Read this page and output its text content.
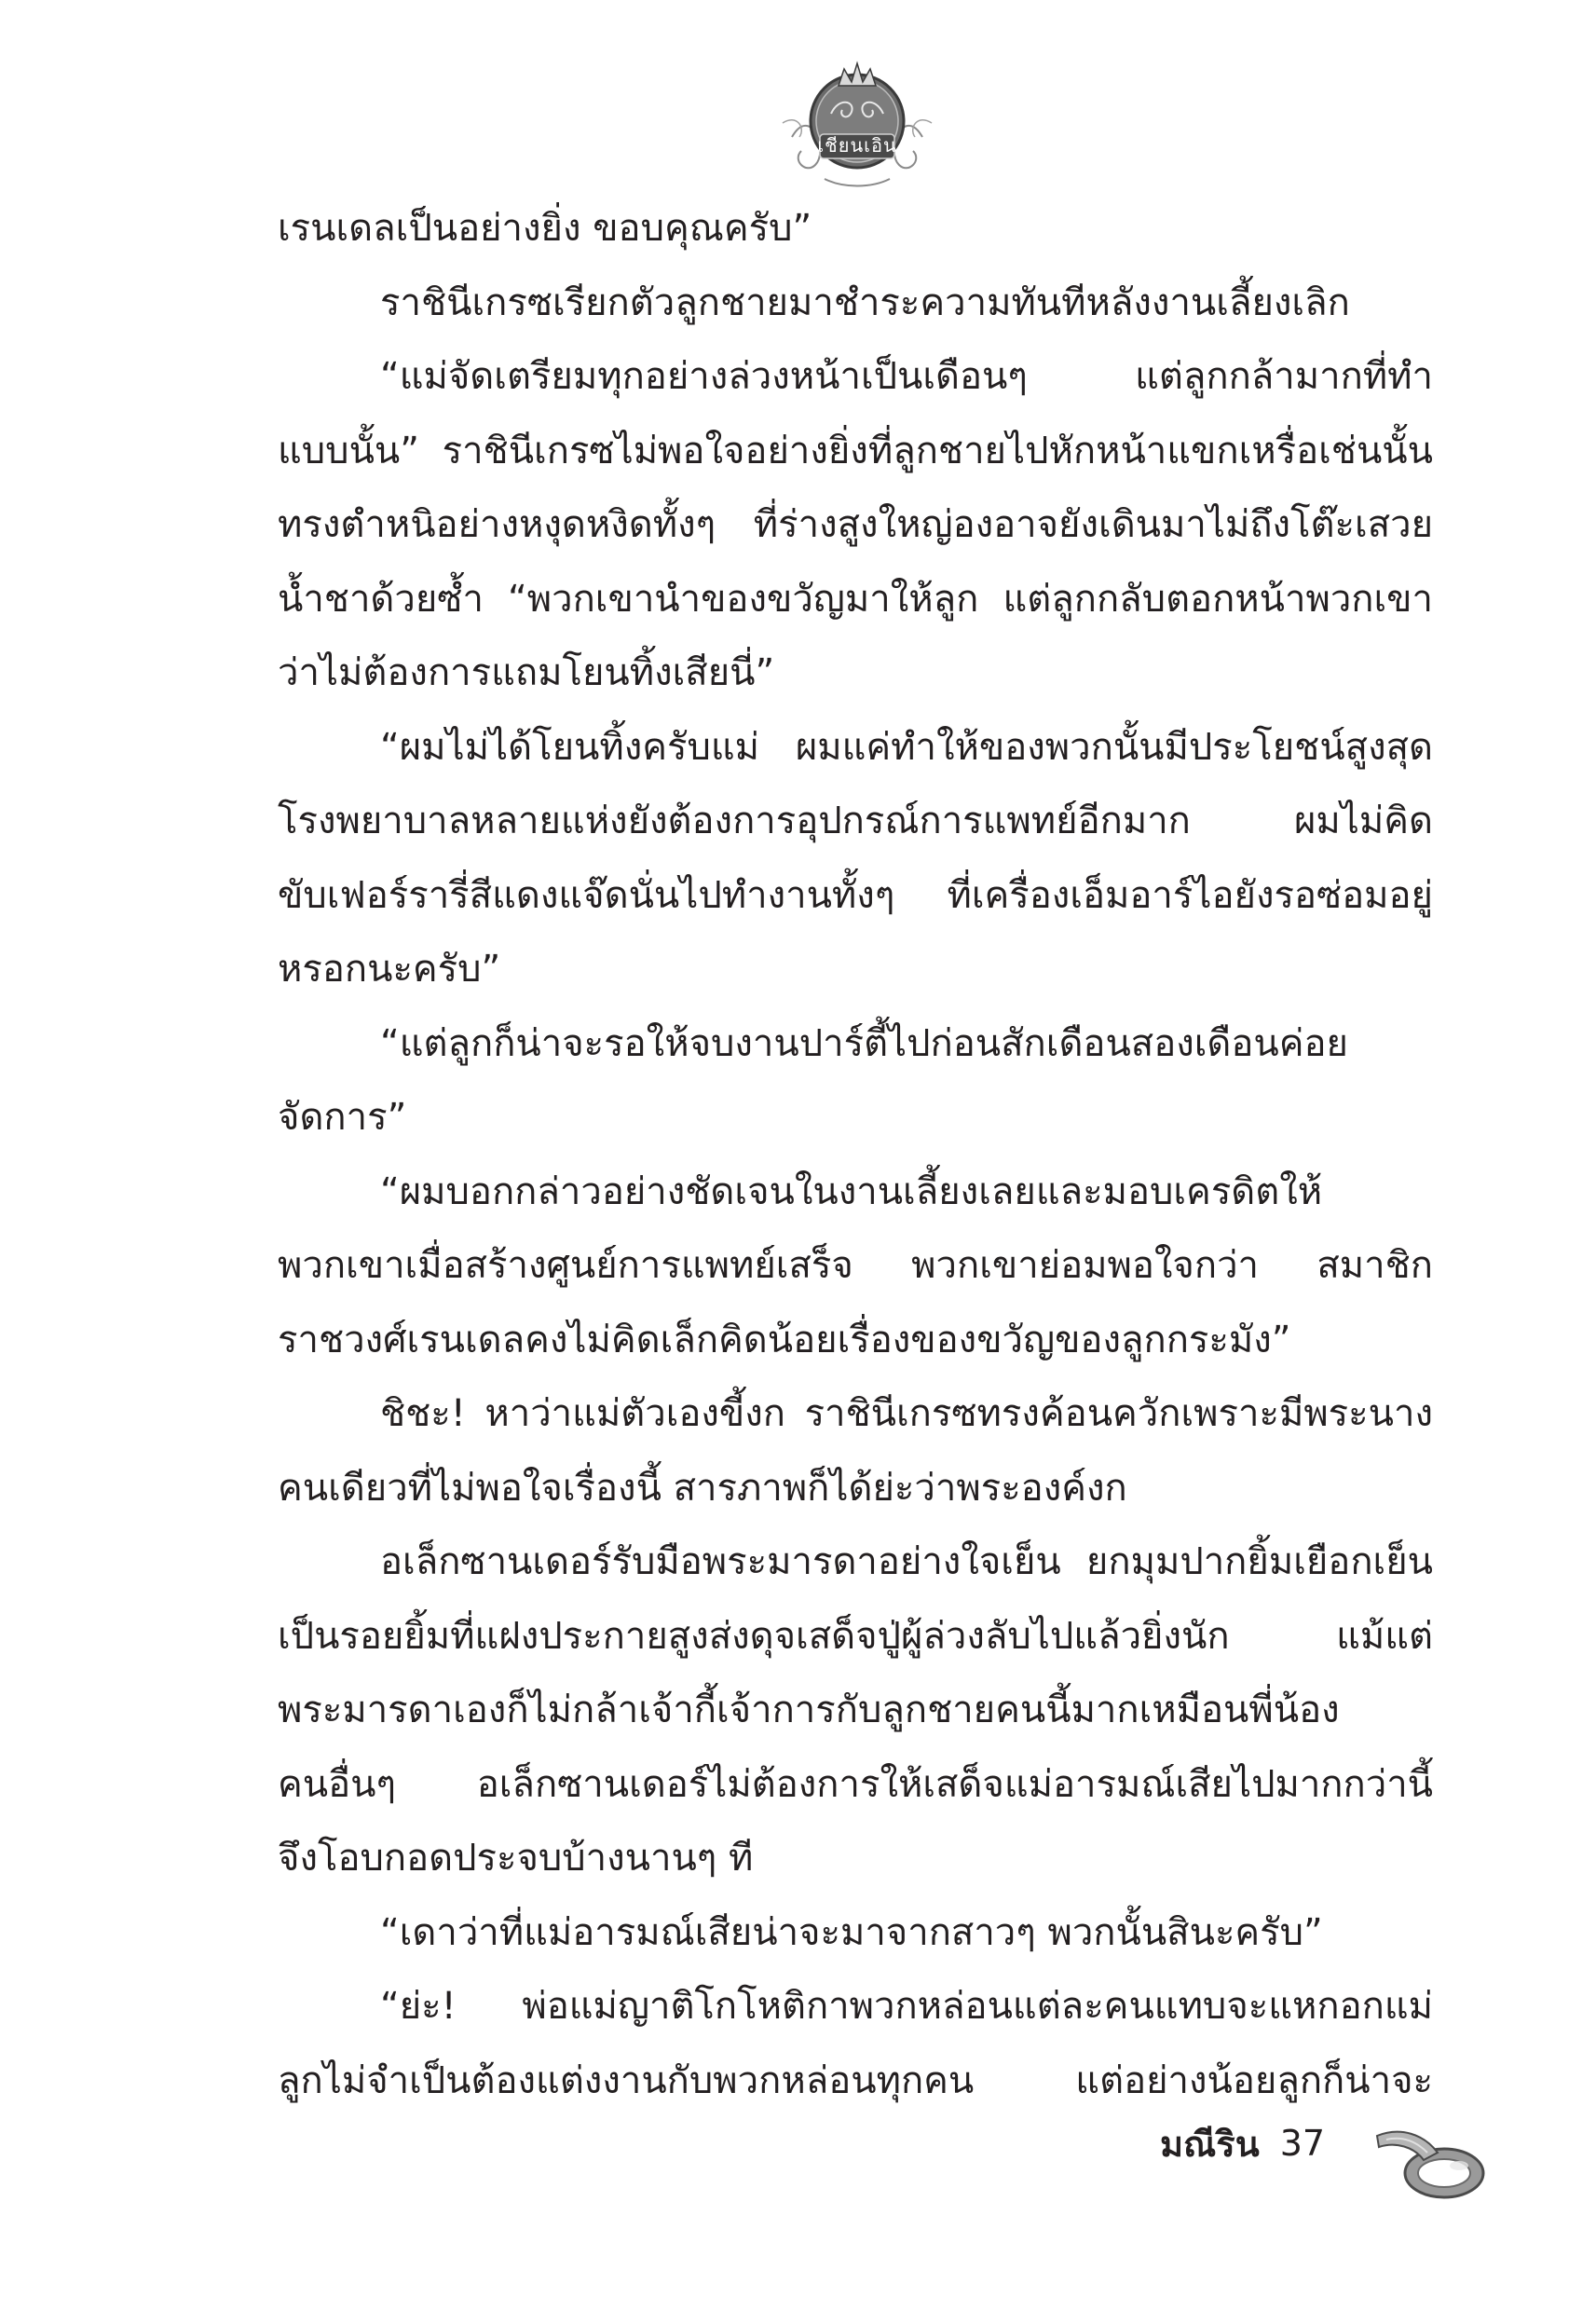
เชียนเอิน
เรนเดลเป็นอย่างยิ่ง ขอบคุณครับ”
ราชินีเกรซเรียกตัวลูกชายมาชำระความทันทีหลังงานเลี้ยงเลิก
“แม่จัดเตรียมทุกอย่างล่วงหน้าเป็นเดือนๆ แต่ลูกกล้ามากที่ทำ
แบบนั้น” ราชินีเกรซไม่พอใจอย่างยิ่งที่ลูกชายไปหักหน้าแขกเหรื่อเช่นนั้น
ทรงตำหนิอย่างหงุดหงิดทั้งๆ ที่ร่างสูงใหญ่องอาจยังเดินมาไม่ถึงโต๊ะเสวย
น้ำชาด้วยซ้ำ “พวกเขานำของขวัญมาให้ลูก แต่ลูกกลับตอกหน้าพวกเขา
ว่าไม่ต้องการแถมโยนทิ้งเสียนี่”
“ผมไม่ได้โยนทิ้งครับแม่ ผมแค่ทำให้ของพวกนั้นมีประโยชน์สูงสุด
โรงพยาบาลหลายแห่งยังต้องการอุปกรณ์การแพทย์อีกมาก ผมไม่คิด
ขับเฟอร์รารี่สีแดงแจ๊ดนั่นไปทำงานทั้งๆ ที่เครื่องเอ็มอาร์ไอยังรอซ่อมอยู่
หรอกนะครับ”
“แต่ลูกก็น่าจะรอให้จบงานปาร์ตี้ไปก่อนสักเดือนสองเดือนค่อย
จัดการ”
“ผมบอกกล่าวอย่างชัดเจนในงานเลี้ยงเลยและมอบเครดิตให้
พวกเขาเมื่อสร้างศูนย์การแพทย์เสร็จ พวกเขาย่อมพอใจกว่า สมาชิก
ราชวงศ์เรนเดลคงไม่คิดเล็กคิดน้อยเรื่องของขวัญของลูกกระมัง”
ชิชะ! หาว่าแม่ตัวเองขี้งก ราชินีเกรซทรงค้อนควักเพราะมีพระนาง
คนเดียวที่ไม่พอใจเรื่องนี้ สารภาพก็ได้ย่ะว่าพระองค์งก
อเล็กซานเดอร์รับมือพระมารดาอย่างใจเย็น ยกมุมปากยิ้มเยือกเย็น
เป็นรอยยิ้มที่แฝงประกายสูงส่งดุจเสด็จปู่ผู้ล่วงลับไปแล้วยิ่งนัก แม้แต่
พระมารดาเองก็ไม่กล้าเจ้ากี้เจ้าการกับลูกชายคนนี้มากเหมือนพี่น้อง
คนอื่นๆ อเล็กซานเดอร์ไม่ต้องการให้เสด็จแม่อารมณ์เสียไปมากกว่านี้
จึงโอบกอดประจบบ้างนานๆ ที
“เดาว่าที่แม่อารมณ์เสียน่าจะมาจากสาวๆ พวกนั้นสินะครับ”
“ย่ะ! พ่อแม่ญาติโกโหติกาพวกหล่อนแต่ละคนแทบจะแหกอกแม่
ลูกไม่จำเป็นต้องแต่งงานกับพวกหล่อนทุกคน แต่อย่างน้อยลูกก็น่าจะ
มณีริน 37
